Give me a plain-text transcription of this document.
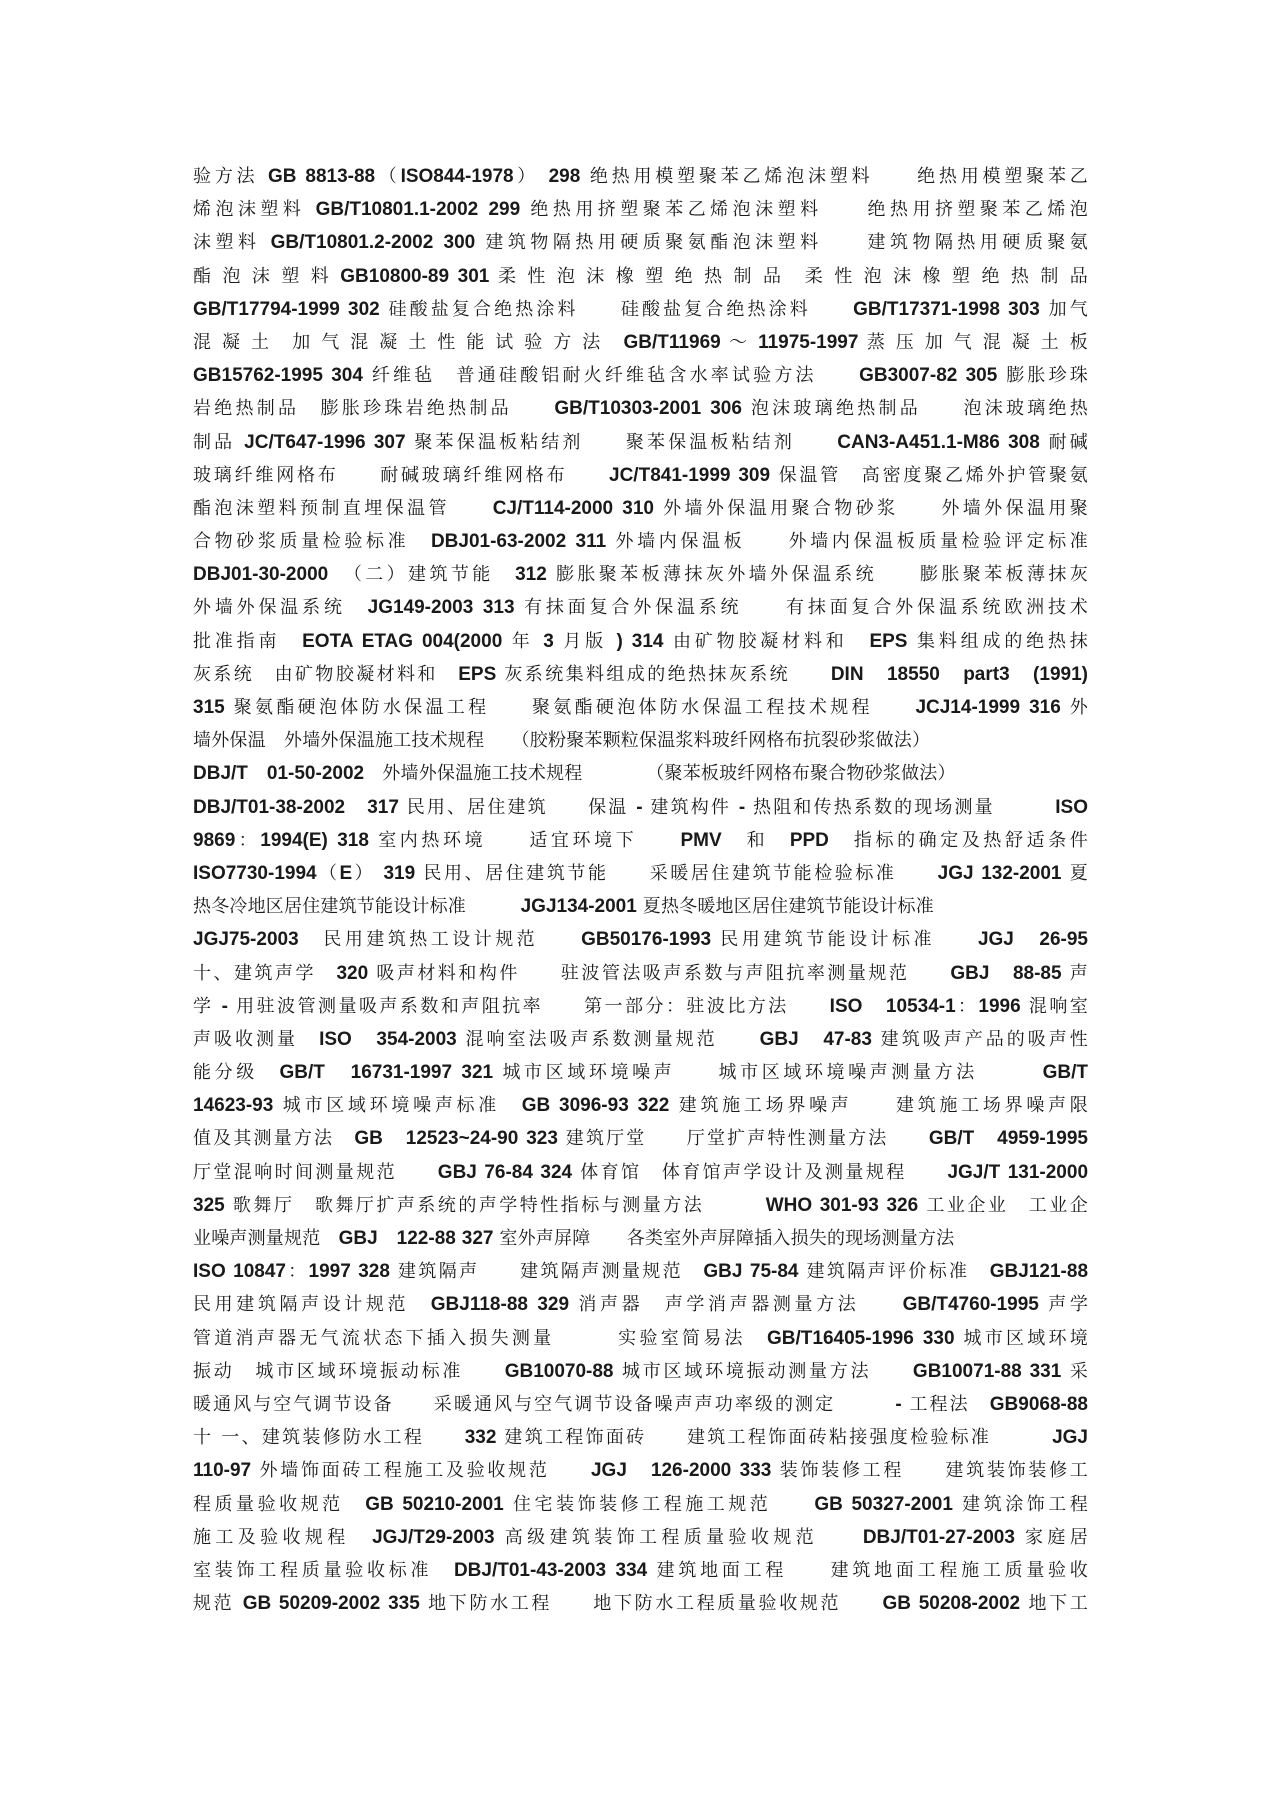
验方法 GB 8813-88（ISO844-1978） 298 绝热用模塑聚苯乙烯泡沫塑料　　绝热用模塑聚苯乙
烯泡沫塑料 GB/T10801.1-2002 299 绝热用挤塑聚苯乙烯泡沫塑料　　绝热用挤塑聚苯乙烯泡
沫塑料 GB/T10801.2-2002 300 建筑物隔热用硬质聚氨酯泡沫塑料　　建筑物隔热用硬质聚氨
酯 泡 沫 塑 料 GB10800-89 301 柔 性 泡 沫 橡 塑 绝 热 制 品　柔 性 泡 沫 橡 塑 绝 热 制 品
GB/T17794-1999 302 硅酸盐复合绝热涂料　　硅酸盐复合绝热涂料　　GB/T17371-1998 303 加气
混 凝 土　加 气 混 凝 土 性 能 试 验 方 法　GB/T11969 ～ 11975-1997 蒸 压 加 气 混 凝 土 板
GB15762-1995 304 纤维毡　普通硅酸铝耐火纤维毡含水率试验方法　　GB3007-82 305 膨胀珍珠
岩绝热制品　膨胀珍珠岩绝热制品　　GB/T10303-2001 306 泡沫玻璃绝热制品　　泡沫玻璃绝热
制品 JC/T647-1996 307 聚苯保温板粘结剂　　聚苯保温板粘结剂　　CAN3-A451.1-M86 308 耐碱
玻璃纤维网格布　　耐碱玻璃纤维网格布　　JC/T841-1999 309 保温管　高密度聚乙烯外护管聚氨
酯泡沫塑料预制直埋保温管　　CJ/T114-2000 310 外墙外保温用聚合物砂浆　　外墙外保温用聚
合物砂浆质量检验标准　DBJ01-63-2002 311 外墙内保温板　　外墙内保温板质量检验评定标准
DBJ01-30-2000　（二）建筑节能　312 膨胀聚苯板薄抹灰外墙外保温系统　　膨胀聚苯板薄抹灰
外墙外保温系统　JG149-2003 313 有抹面复合外保温系统　　有抹面复合外保温系统欧洲技术
批准指南　EOTA ETAG 004(2000 年 3 月版 ) 314 由矿物胶凝材料和　EPS 集料组成的绝热抹
灰系统　由矿物胶凝材料和　EPS 灰系统集料组成的绝热抹灰系统　　DIN　18550　part3　(1991)
315 聚氨酯硬泡体防水保温工程　　聚氨酯硬泡体防水保温工程技术规程　　JCJ14-1999 316 外
墙外保温　外墙外保温施工技术规程　　（胶粉聚苯颗粒保温浆料玻纤网格布抗裂砂浆做法）
DBJ/T　01-50-2002　外墙外保温施工技术规程　　　　（聚苯板玻纤网格布聚合物砂浆做法）
DBJ/T01-38-2002　 317 民用、居住建筑　　保温 - 建筑构件 - 热阻和传热系数的现场测量　　　ISO
9869：1994(E) 318 室内热环境　　适宜环境下　　PMV　和　PPD　指标的确定及热舒适条件
ISO7730-1994（E） 319 民用、居住建筑节能　　采暖居住建筑节能检验标准　　JGJ 132-2001 夏
热冬冷地区居住建筑节能设计标准　　　JGJ134-2001 夏热冬暖地区居住建筑节能设计标准
JGJ75-2003　民用建筑热工设计规范　　GB50176-1993 民用建筑节能设计标准　　JGJ　26-95
十、建筑声学　320 吸声材料和构件　　驻波管法吸声系数与声阻抗率测量规范　　GBJ　88-85 声
学 - 用驻波管测量吸声系数和声阻抗率　　第一部分：驻波比方法　　ISO　10534-1：1996 混响室
声吸收测量　ISO　354-2003 混响室法吸声系数测量规范　　GBJ　47-83 建筑吸声产品的吸声性
能分级　GB/T　16731-1997 321 城市区域环境噪声　　城市区域环境噪声测量方法　　　GB/T
14623-93 城市区域环境噪声标准　GB 3096-93 322 建筑施工场界噪声　　建筑施工场界噪声限
值及其测量方法　GB　12523~24-90 323 建筑厅堂　　厅堂扩声特性测量方法　　GB/T　4959-1995
厅堂混响时间测量规范　　GBJ 76-84 324 体育馆　体育馆声学设计及测量规程　　JGJ/T 131-2000
325 歌舞厅　歌舞厅扩声系统的声学特性指标与测量方法　　　WHO 301-93 326 工业企业　工业企
业噪声测量规范　GBJ　122-88 327 室外声屏障　　各类室外声屏障插入损失的现场测量方法
ISO 10847：1997 328 建筑隔声　　建筑隔声测量规范　GBJ 75-84 建筑隔声评价标准　GBJ121-88
民用建筑隔声设计规范　GBJ118-88 329 消声器　声学消声器测量方法　　GB/T4760-1995 声学
管道消声器无气流状态下插入损失测量　　　实验室简易法　GB/T16405-1996 330 城市区域环境
振动　城市区域环境振动标准　　GB10070-88 城市区域环境振动测量方法　　GB10071-88 331 采
暖通风与空气调节设备　　采暖通风与空气调节设备噪声声功率级的测定　　　- 工程法　GB9068-88
十 一、建筑装修防水工程　　332 建筑工程饰面砖　　建筑工程饰面砖粘接强度检验标准　　　JGJ
110-97 外墙饰面砖工程施工及验收规范　　JGJ　126-2000 333 装饰装修工程　　建筑装饰装修工
程质量验收规范　GB 50210-2001 住宅装饰装修工程施工规范　　GB 50327-2001 建筑涂饰工程
施工及验收规程　JGJ/T29-2003 高级建筑装饰工程质量验收规范　　DBJ/T01-27-2003 家庭居
室装饰工程质量验收标准　DBJ/T01-43-2003 334 建筑地面工程　　建筑地面工程施工质量验收
规范 GB 50209-2002 335 地下防水工程　　地下防水工程质量验收规范　　GB 50208-2002 地下工
